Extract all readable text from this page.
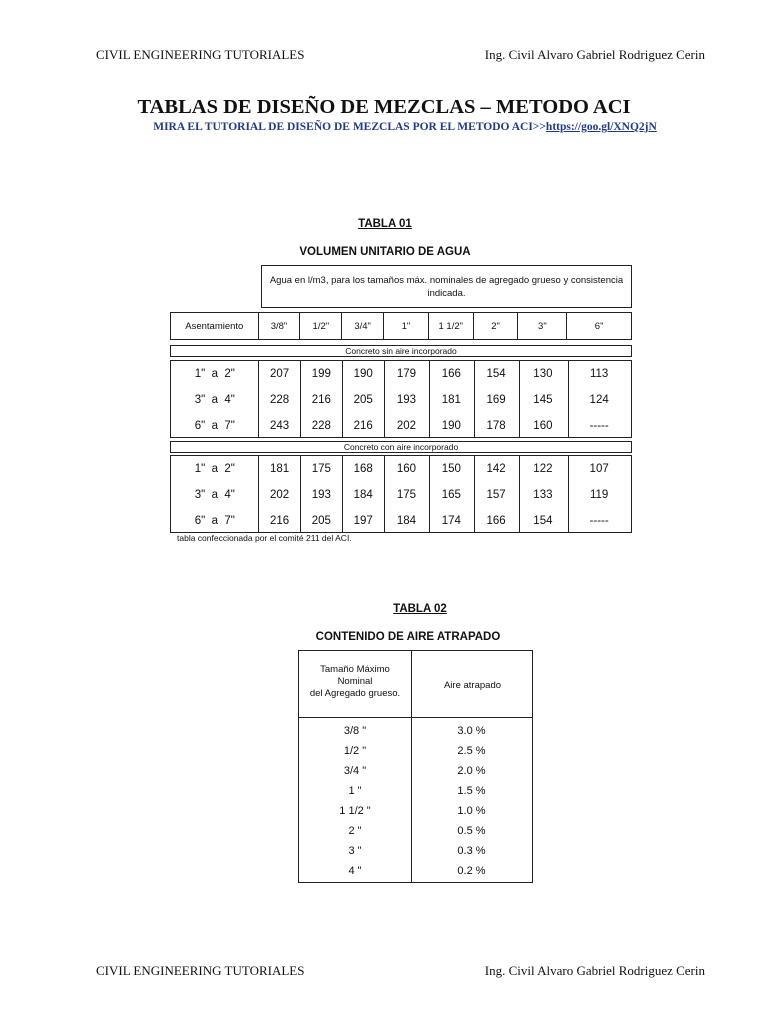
CIVIL ENGINEERING TUTORIALES	Ing. Civil Alvaro Gabriel Rodriguez Cerin
TABLAS DE DISEÑO DE MEZCLAS – METODO ACI
MIRA EL TUTORIAL DE DISEÑO DE MEZCLAS POR EL METODO ACI>>https://goo.gl/XNQ2jN
TABLA 01
VOLUMEN UNITARIO DE AGUA
Agua en l/m3, para los tamaños máx. nominales de agregado grueso y consistencia indicada.
Asentamiento	3/8"	1/2"	3/4"	1"	1 1/2"	2"	3"	6"
Concreto sin aire incorporado
1"  a  2"	207	199	190	179	166	154	130	113
3"  a  4"	228	216	205	193	181	169	145	124
6"  a  7"	243	228	216	202	190	178	160	-----
Concreto con aire incorporado
1"  a  2"	181	175	168	160	150	142	122	107
3"  a  4"	202	193	184	175	165	157	133	119
6"  a  7"	216	205	197	184	174	166	154	-----
tabla confeccionada por el comité 211 del ACI.
TABLA 02
CONTENIDO DE AIRE ATRAPADO
Tamaño Máximo
Nominal
del Agregado grueso.
Aire atrapado
3/8 "	3.0 %
1/2 "	2.5 %
3/4 "	2.0 %
1 "	1.5 %
1 1/2 "	1.0 %
2 "	0.5 %
3 "	0.3 %
4 "	0.2 %
CIVIL ENGINEERING TUTORIALES	Ing. Civil Alvaro Gabriel Rodriguez Cerin
